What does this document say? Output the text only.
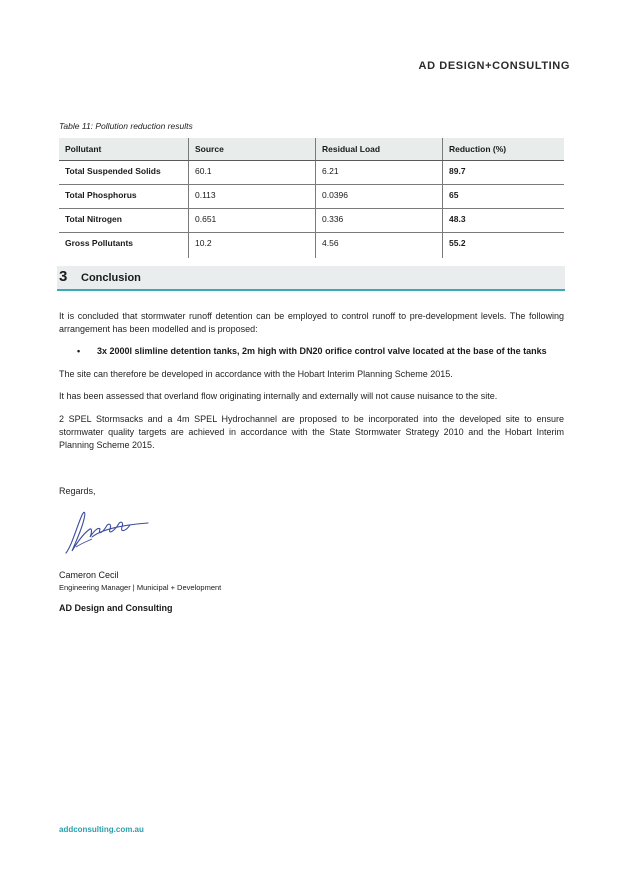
AD DESIGN+CONSULTING
Table 11: Pollution reduction results
Pollutant	Source	Residual Load	Reduction (%)
Total Suspended Solids	60.1	6.21	89.7
Total Phosphorus	0.113	0.0396	65
Total Nitrogen	0.651	0.336	48.3
Gross Pollutants	10.2	4.56	55.2
3 Conclusion
It is concluded that stormwater runoff detention can be employed to control runoff to pre-development levels. The following arrangement has been modelled and is proposed:
• 3x 2000l slimline detention tanks, 2m high with DN20 orifice control valve located at the base of the tanks
The site can therefore be developed in accordance with the Hobart Interim Planning Scheme 2015.
It has been assessed that overland flow originating internally and externally will not cause nuisance to the site.
2 SPEL Stormsacks and a 4m SPEL Hydrochannel are proposed to be incorporated into the developed site to ensure stormwater quality targets are achieved in accordance with the State Stormwater Strategy 2010 and the Hobart Interim Planning Scheme 2015.
Regards,
Cameron Cecil
Engineering Manager | Municipal + Development
AD Design and Consulting
addconsulting.com.au
